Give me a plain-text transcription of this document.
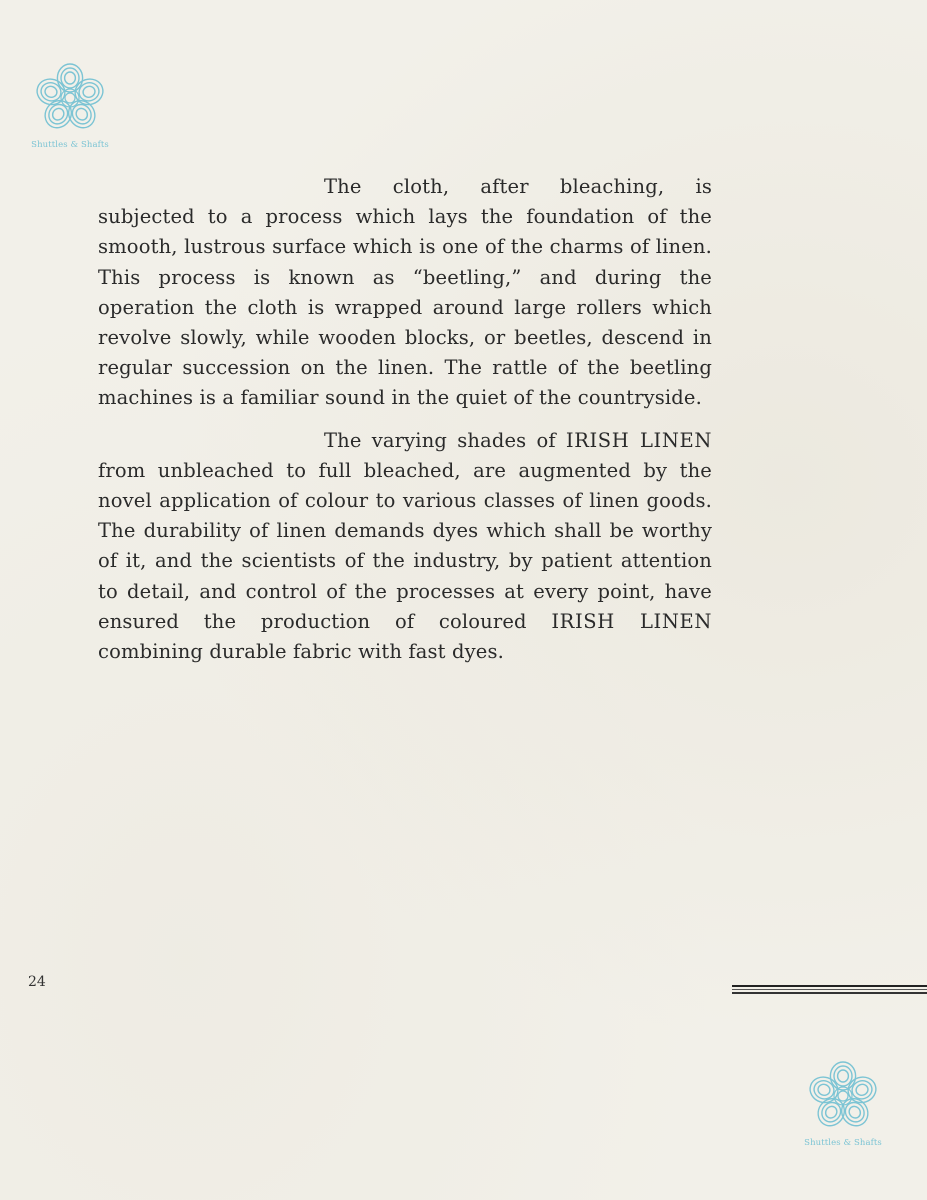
Shuttles & Shafts

The cloth, after bleaching, is subjected to a process which lays the foundation of the smooth, lustrous surface which is one of the charms of linen. This process is known as “beetling,” and during the operation the cloth is wrapped around large rollers which revolve slowly, while wooden blocks, or beetles, descend in regular succession on the linen. The rattle of the beetling machines is a familiar sound in the quiet of the countryside.

The varying shades of IRISH LINEN from unbleached to full bleached, are augmented by the novel application of colour to various classes of linen goods. The durability of linen demands dyes which shall be worthy of it, and the scientists of the industry, by patient attention to detail, and control of the processes at every point, have ensured the production of coloured IRISH LINEN combining durable fabric with fast dyes.

24
Shuttles & Shafts
